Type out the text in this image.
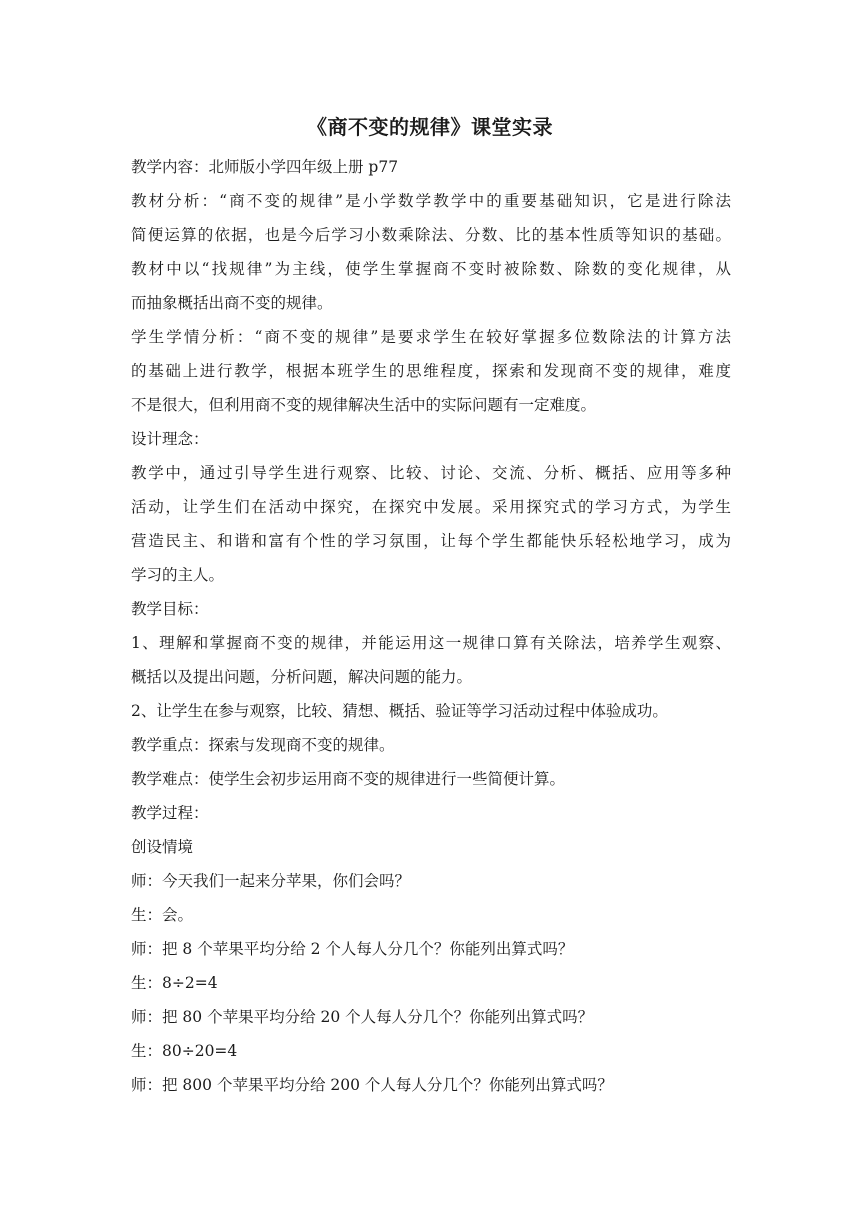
《商不变的规律》课堂实录

教学内容：北师版小学四年级上册 p77

教材分析：“商不变的规律”是小学数学教学中的重要基础知识，它是进行除法

简便运算的依据，也是今后学习小数乘除法、分数、比的基本性质等知识的基础。

教材中以“找规律”为主线，使学生掌握商不变时被除数、除数的变化规律，从

而抽象概括出商不变的规律。

学生学情分析：“商不变的规律”是要求学生在较好掌握多位数除法的计算方法

的基础上进行教学，根据本班学生的思维程度，探索和发现商不变的规律，难度

不是很大，但利用商不变的规律解决生活中的实际问题有一定难度。

设计理念：

教学中，通过引导学生进行观察、比较、讨论、交流、分析、概括、应用等多种

活动，让学生们在活动中探究，在探究中发展。采用探究式的学习方式，为学生

营造民主、和谐和富有个性的学习氛围，让每个学生都能快乐轻松地学习，成为

学习的主人。

教学目标：

1、理解和掌握商不变的规律，并能运用这一规律口算有关除法，培养学生观察、

概括以及提出问题，分析问题，解决问题的能力。

2、让学生在参与观察，比较、猜想、概括、验证等学习活动过程中体验成功。

教学重点：探索与发现商不变的规律。

教学难点：使学生会初步运用商不变的规律进行一些简便计算。

教学过程：

创设情境

师：今天我们一起来分苹果，你们会吗？

生：会。

师：把 8 个苹果平均分给 2 个人每人分几个？你能列出算式吗？

生：8÷2=4

师：把 80 个苹果平均分给 20 个人每人分几个？你能列出算式吗？

生：80÷20=4

师：把 800 个苹果平均分给 200 个人每人分几个？你能列出算式吗？
